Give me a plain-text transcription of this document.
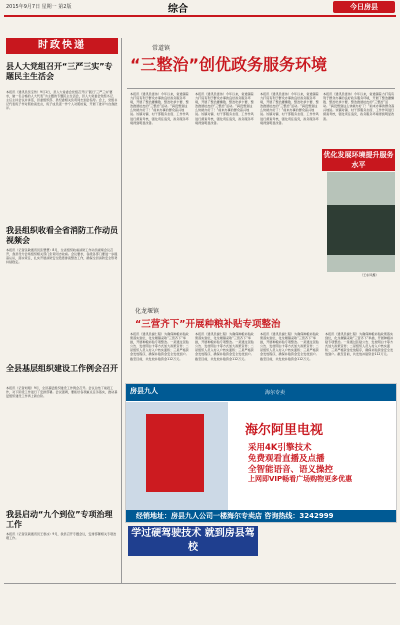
2015年9月7日 星期一 第2版	综合	今日房县
时政快递
县人大党组召开“三严三实”专题民主生活会
本报讯（通讯员吴宝传）9月1日，县人大常委会党组召开以“践行‘三严三实’要求，做一名合格的人大代表”为主题的专题民主生活会，县人大常委会党组书记、主任主持会议并讲话，县委组织部、县纪委相关负责同志到会指导。会上，党组书记代表班子作对照检查发言，班子成员逐一作个人对照检查，开展了批评与自我批评。
我县组织收看全省消防工作动员视频会
本报讯（记者张敏通讯员张慧慧）8月，全省组织收看消防工作动员视频会议召开，我县设分会场组织相关部门负责同志收看。会议要求，各级各部门要进一步提高认识，落实责任，扎实开展消防安全隐患排查整治工作，确保全县消防安全形势持续稳定。
全县基层组织建设工作例会召开
本报讯（记者刘翔）9月，全县基层组织建设工作例会召开。会议总结了前段工作，对下阶段工作进行了安排部署。会议强调，要抓好各项重点任务落实，推动基层组织建设工作再上新台阶。
我县启动“九个到位”专项治理工作
本报讯（记者张颖通讯员王寒冰）9月，我县召开专题会议，安排部署相关专项治理工作。
常道镇
“三整治”创优政务服务环境
本报讯（通讯员雷伟）今年以来，常道镇着力打造有利于群众办事的良好政务服务环境，开展了整治庸懒散、整治吃拿卡要、整治推诿扯皮的“三整治”活动。“真没想到这么快就办好了！”前来办事的群众高兴地说。该镇对镇、村干部服务态度、工作作风进行督查考核，强化责任追究，政务服务环境得到明显改善。
本报讯（通讯员雷伟）今年以来，常道镇着力打造有利于群众办事的良好政务服务环境，开展了整治庸懒散、整治吃拿卡要、整治推诿扯皮的“三整治”活动。“真没想到这么快就办好了！”前来办事的群众高兴地说。该镇对镇、村干部服务态度、工作作风进行督查考核，强化责任追究，政务服务环境得到明显改善。
本报讯（通讯员雷伟）今年以来，常道镇着力打造有利于群众办事的良好政务服务环境，开展了整治庸懒散、整治吃拿卡要、整治推诿扯皮的“三整治”活动。“真没想到这么快就办好了！”前来办事的群众高兴地说。该镇对镇、村干部服务态度、工作作风进行督查考核，强化责任追究，政务服务环境得到明显改善。
本报讯（通讯员雷伟）今年以来，常道镇着力打造有利于群众办事的良好政务服务环境，开展了整治庸懒散、整治吃拿卡要、整治推诿扯皮的“三整治”活动。“真没想到这么快就办好了！”前来办事的群众高兴地说。该镇对镇、村干部服务态度、工作作风进行督查考核，强化责任追究，政务服务环境得到明显改善。
优化发展环境提升服务水平
（王东风摄）
化龙堰镇
“三营齐下”开展种粮补贴专项整治
本报讯（通讯员谢仁程）为确保种粮补贴政策落实到位，化龙堰镇采取“三营齐下”举措，开展种粮补贴专项整治。一是通过张贴公告、发放明白卡等方式加大政策宣传；二是组织人员入村入户核实面积；三是严格资金发放程序，确保补贴资金安全发放到户。截至目前，共发放补贴资金112万元。
本报讯（通讯员谢仁程）为确保种粮补贴政策落实到位，化龙堰镇采取“三营齐下”举措，开展种粮补贴专项整治。一是通过张贴公告、发放明白卡等方式加大政策宣传；二是组织人员入村入户核实面积；三是严格资金发放程序，确保补贴资金安全发放到户。截至目前，共发放补贴资金112万元。
本报讯（通讯员谢仁程）为确保种粮补贴政策落实到位，化龙堰镇采取“三营齐下”举措，开展种粮补贴专项整治。一是通过张贴公告、发放明白卡等方式加大政策宣传；二是组织人员入村入户核实面积；三是严格资金发放程序，确保补贴资金安全发放到户。截至目前，共发放补贴资金112万元。
本报讯（通讯员谢仁程）为确保种粮补贴政策落实到位，化龙堰镇采取“三营齐下”举措，开展种粮补贴专项整治。一是通过张贴公告、发放明白卡等方式加大政策宣传；二是组织人员入村入户核实面积；三是严格资金发放程序，确保补贴资金安全发放到户。截至目前，共发放补贴资金112万元。
房县九人	海尔专卖
海尔阿里电视
采用4K引擎技术
免费观看直播及点播
全智能语音、语义操控
上网即VIP畅看广场购物更多优惠
经销地址：房县九人公司一楼海尔专卖店 咨询热线：3242999
学过硬驾驶技术 就到房县驾校
